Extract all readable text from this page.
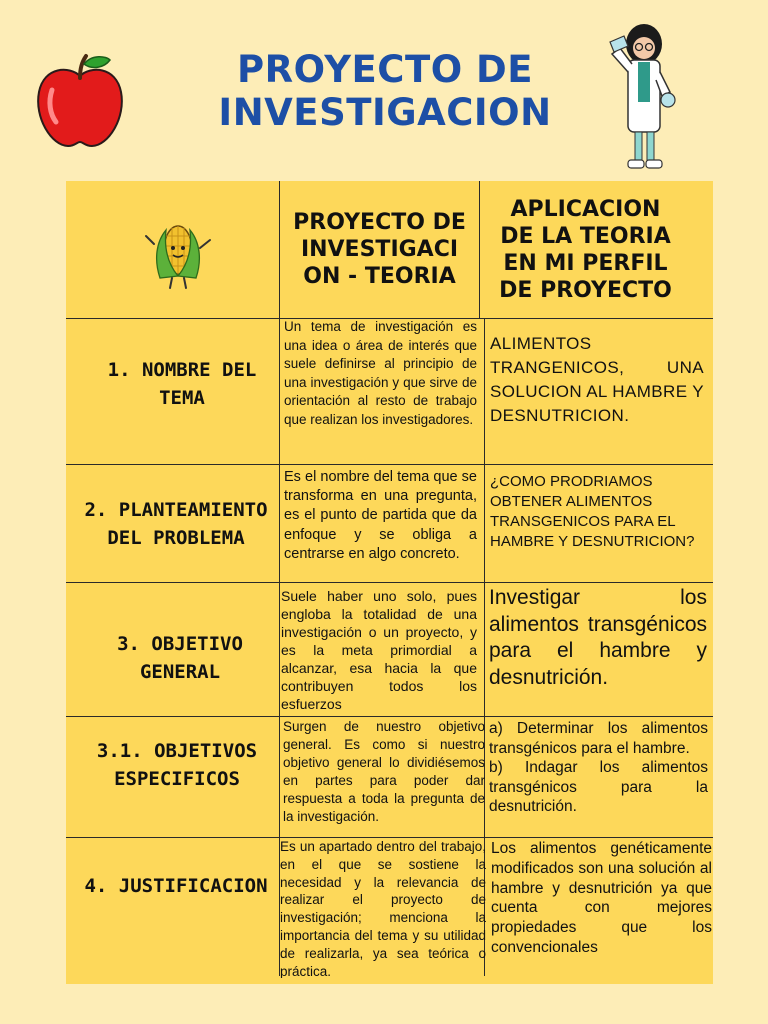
PROYECTO DE
INVESTIGACION
PROYECTO DE
INVESTIGACI
ON - TEORIA
APLICACION
DE LA TEORIA
EN MI PERFIL
DE PROYECTO
1. NOMBRE DEL TEMA
Un tema de investigación es una idea o área de interés que suele definirse al principio de una investigación y que sirve de orientación al resto de trabajo que realizan los investigadores.

ALIMENTOS TRANGENICOS, UNA SOLUCION AL HAMBRE Y DESNUTRICION.

2. PLANTEAMIENTO DEL PROBLEMA
Es el nombre del tema que se transforma en una pregunta, es el punto de partida que da enfoque y se obliga a centrarse en algo concreto.

¿COMO PRODRIAMOS OBTENER ALIMENTOS TRANSGENICOS PARA EL HAMBRE Y DESNUTRICION?

3. OBJETIVO GENERAL
Suele haber uno solo, pues engloba la totalidad de una investigación o un proyecto, y es la meta primordial a alcanzar, esa hacia la que contribuyen todos los esfuerzos

Investigar los alimentos transgénicos para el hambre y desnutrición.

3.1. OBJETIVOS ESPECIFICOS
Surgen de nuestro objetivo general. Es como si nuestro objetivo general lo dividiésemos en partes para poder dar respuesta a toda la pregunta de la investigación.

a) Determinar los alimentos transgénicos para el hambre.

b) Indagar los alimentos transgénicos para la desnutrición.

4. JUSTIFICACION
Es un apartado dentro del trabajo, en el que se sostiene la necesidad y la relevancia de realizar el proyecto de investigación; menciona la importancia del tema y su utilidad de realizarla, ya sea teórica o práctica.

Los alimentos genéticamente modificados son una solución al hambre y desnutrición ya que cuenta con mejores propiedades que los convencionales
